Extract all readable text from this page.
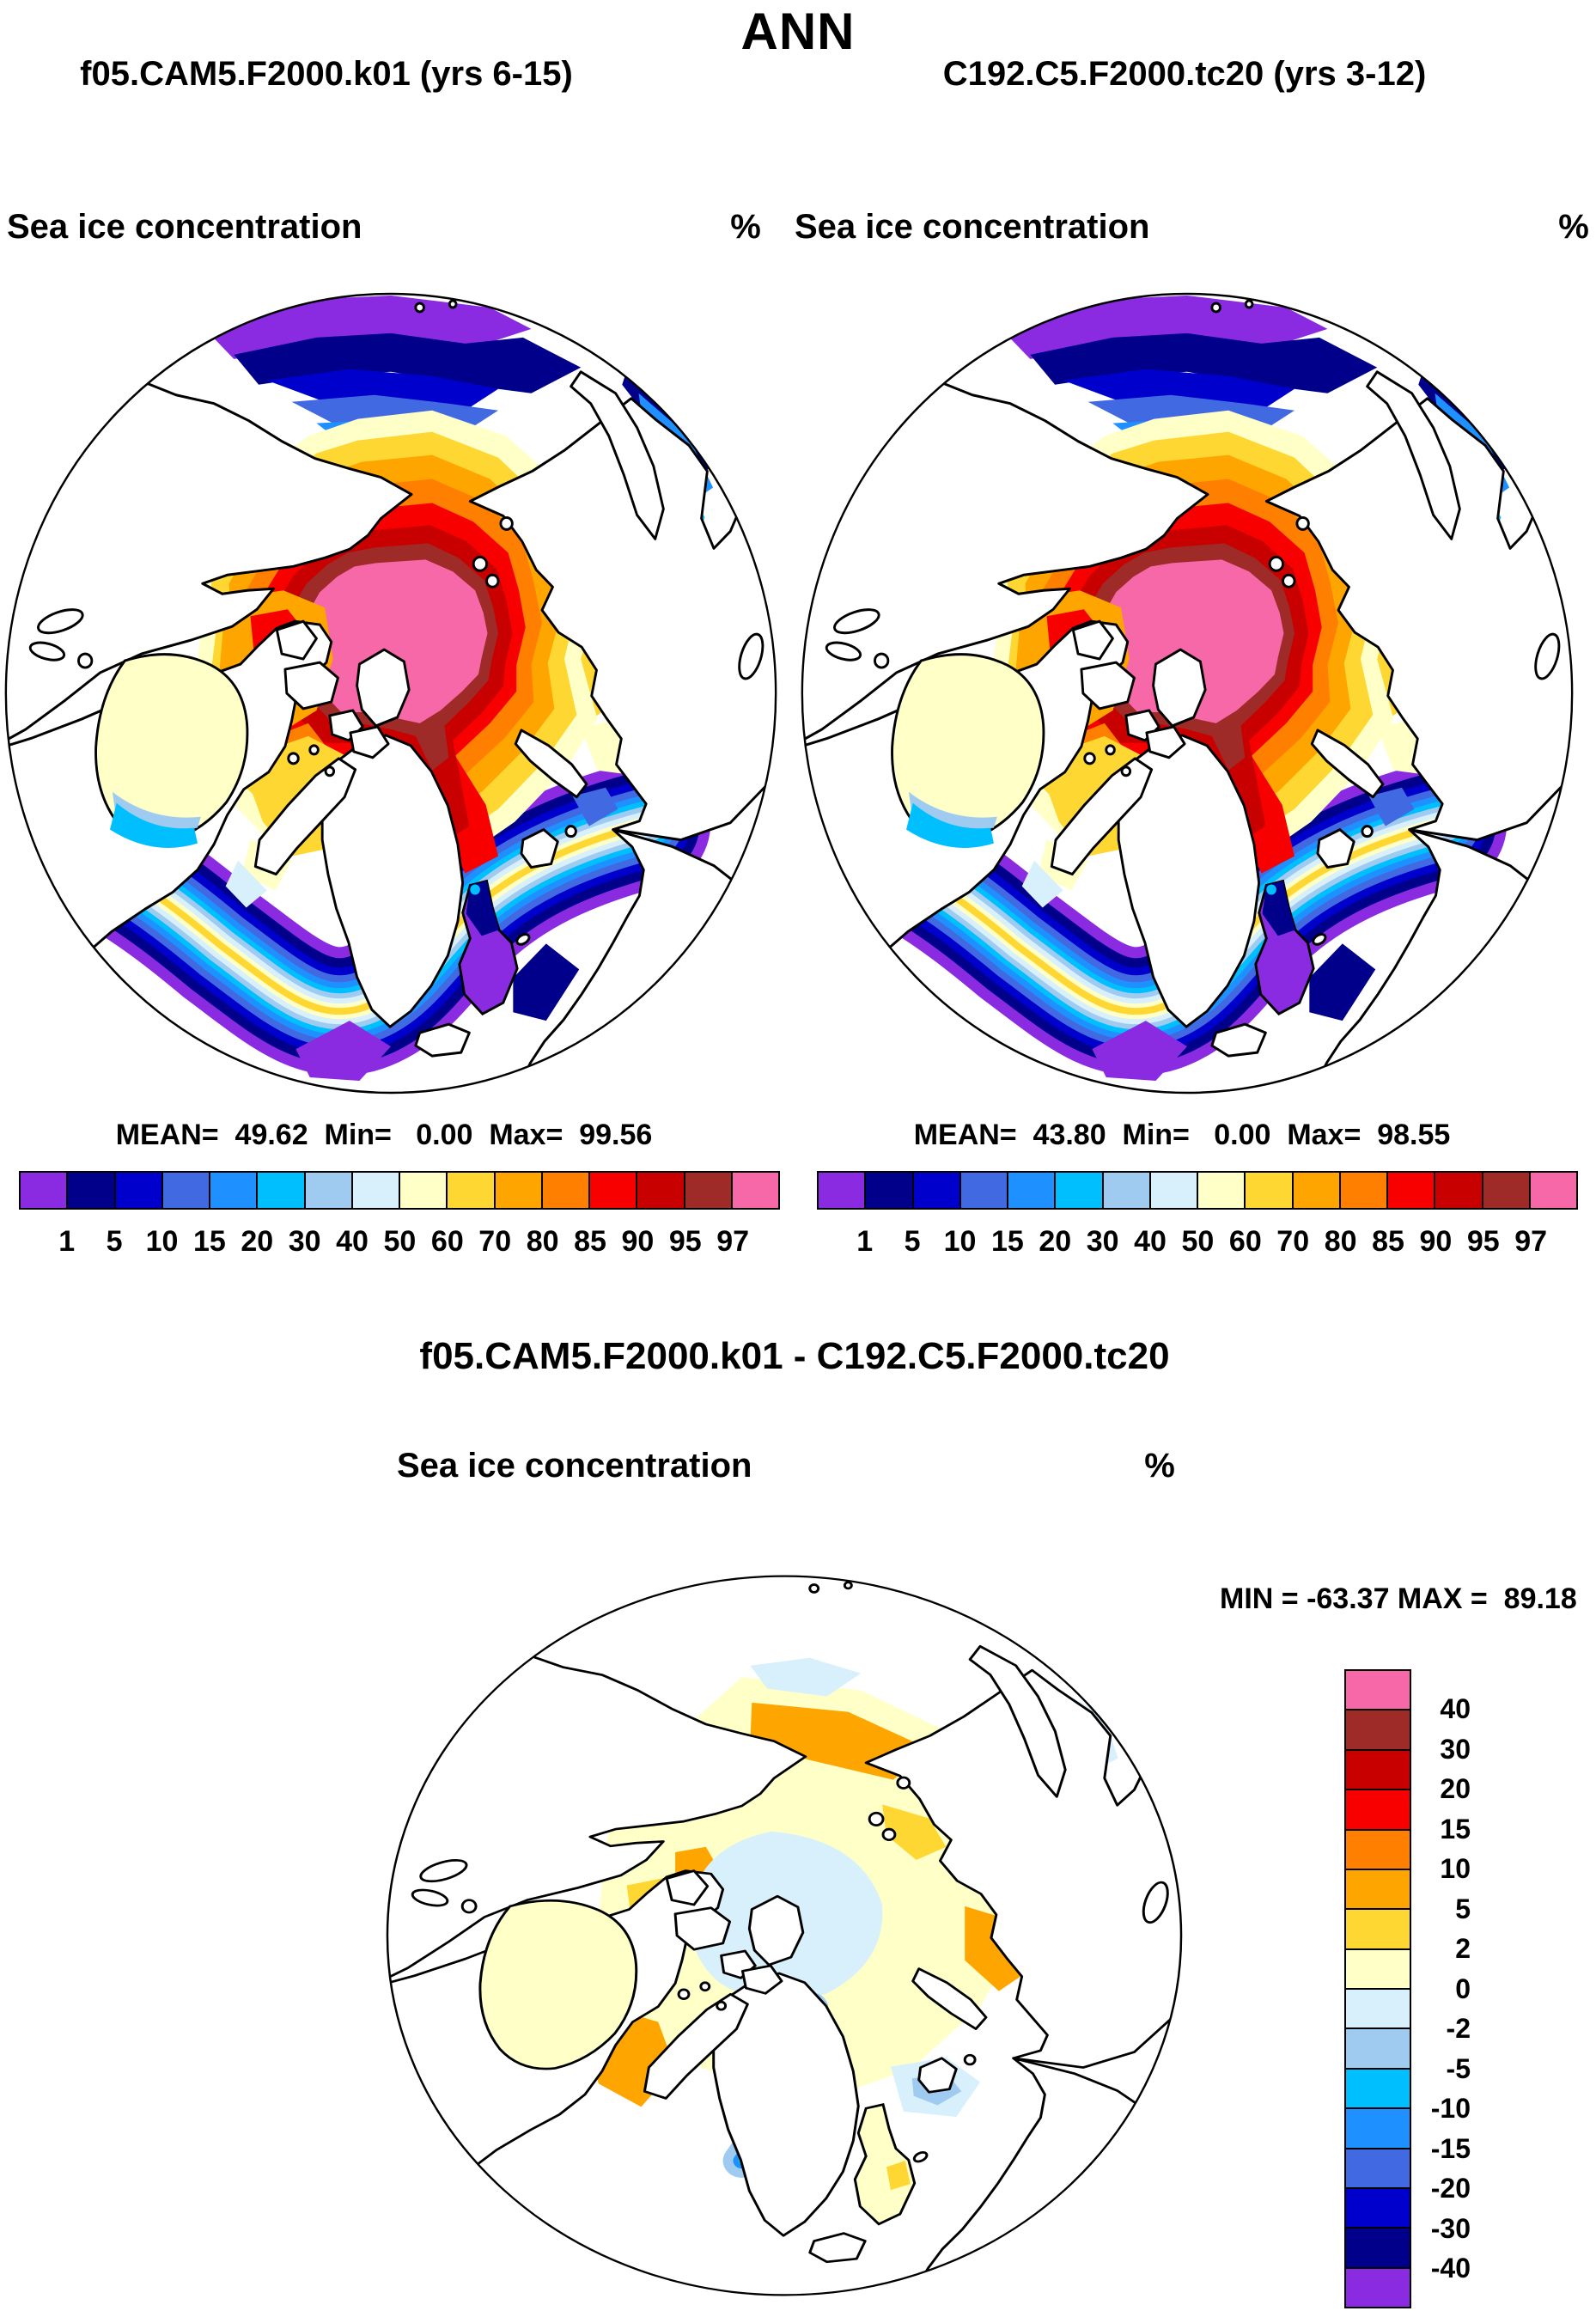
ANN
f05.CAM5.F2000.k01 (yrs 6-15)	C192.C5.F2000.tc20 (yrs 3-12)
Sea ice concentration	% Sea ice concentration	%
MEAN=  49.62  Min=   0.00  Max=  99.56	MEAN=  43.80  Min=   0.00  Max=  98.55
1	5 10 15 20 30 40 50 60 70 80 85 90 95 97	1	5 10 15 20 30 40 50 60 70 80 85 90 95 97
f05.CAM5.F2000.k01 - C192.C5.F2000.tc20
Sea ice concentration	%
MIN = -63.37 MAX =  89.18
40
30
20
15
10
5
2
0
-2
-5
-10
-15
-20
-30
-40
